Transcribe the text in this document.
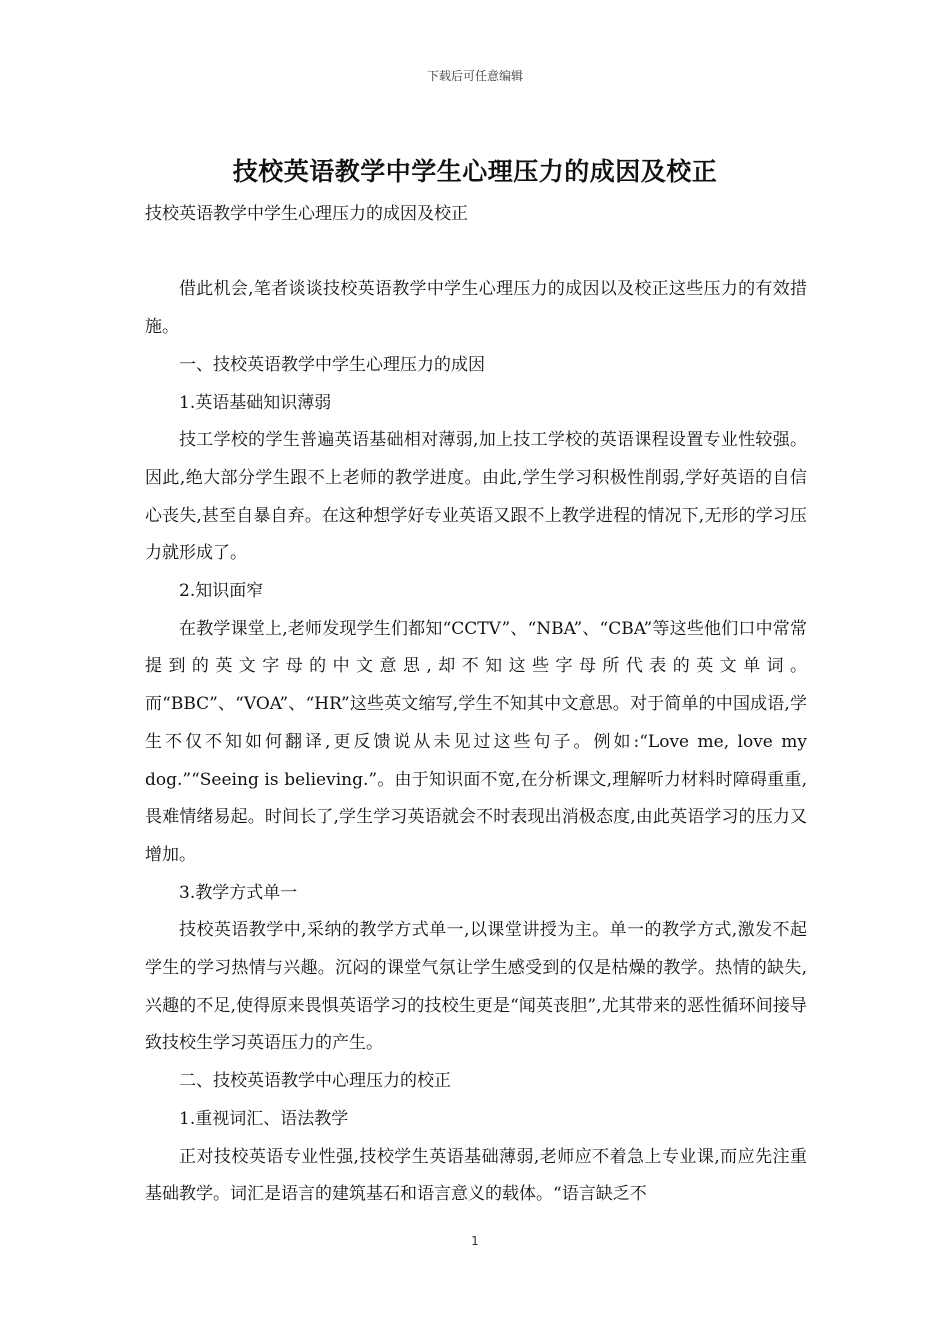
下载后可任意编辑
技校英语教学中学生心理压力的成因及校正

技校英语教学中学生心理压力的成因及校正

借此机会,笔者谈谈技校英语教学中学生心理压力的成因以及校正这些压力的有效措施。

一、技校英语教学中学生心理压力的成因

1.英语基础知识薄弱

技工学校的学生普遍英语基础相对薄弱,加上技工学校的英语课程设置专业性较强。因此,绝大部分学生跟不上老师的教学进度。由此,学生学习积极性削弱,学好英语的自信心丧失,甚至自暴自弃。在这种想学好专业英语又跟不上教学进程的情况下,无形的学习压力就形成了。

2.知识面窄

在教学课堂上,老师发现学生们都知“CCTV”、“NBA”、“CBA”等这些他们口中常常提到的英文字母的中文意思,却不知这些字母所代表的英文单词。而“BBC”、“VOA”、“HR”这些英文缩写,学生不知其中文意思。对于简单的中国成语,学生不仅不知如何翻译,更反馈说从未见过这些句子。例如:“Love me, love my dog.”“Seeing is believing.”。由于知识面不宽,在分析课文,理解听力材料时障碍重重,畏难情绪易起。时间长了,学生学习英语就会不时表现出消极态度,由此英语学习的压力又增加。

3.教学方式单一

技校英语教学中,采纳的教学方式单一,以课堂讲授为主。单一的教学方式,激发不起学生的学习热情与兴趣。沉闷的课堂气氛让学生感受到的仅是枯燥的教学。热情的缺失,兴趣的不足,使得原来畏惧英语学习的技校生更是“闻英丧胆”,尤其带来的恶性循环间接导致技校生学习英语压力的产生。

二、技校英语教学中心理压力的校正

1.重视词汇、语法教学

正对技校英语专业性强,技校学生英语基础薄弱,老师应不着急上专业课,而应先注重基础教学。词汇是语言的建筑基石和语言意义的载体。“语言缺乏不

1
